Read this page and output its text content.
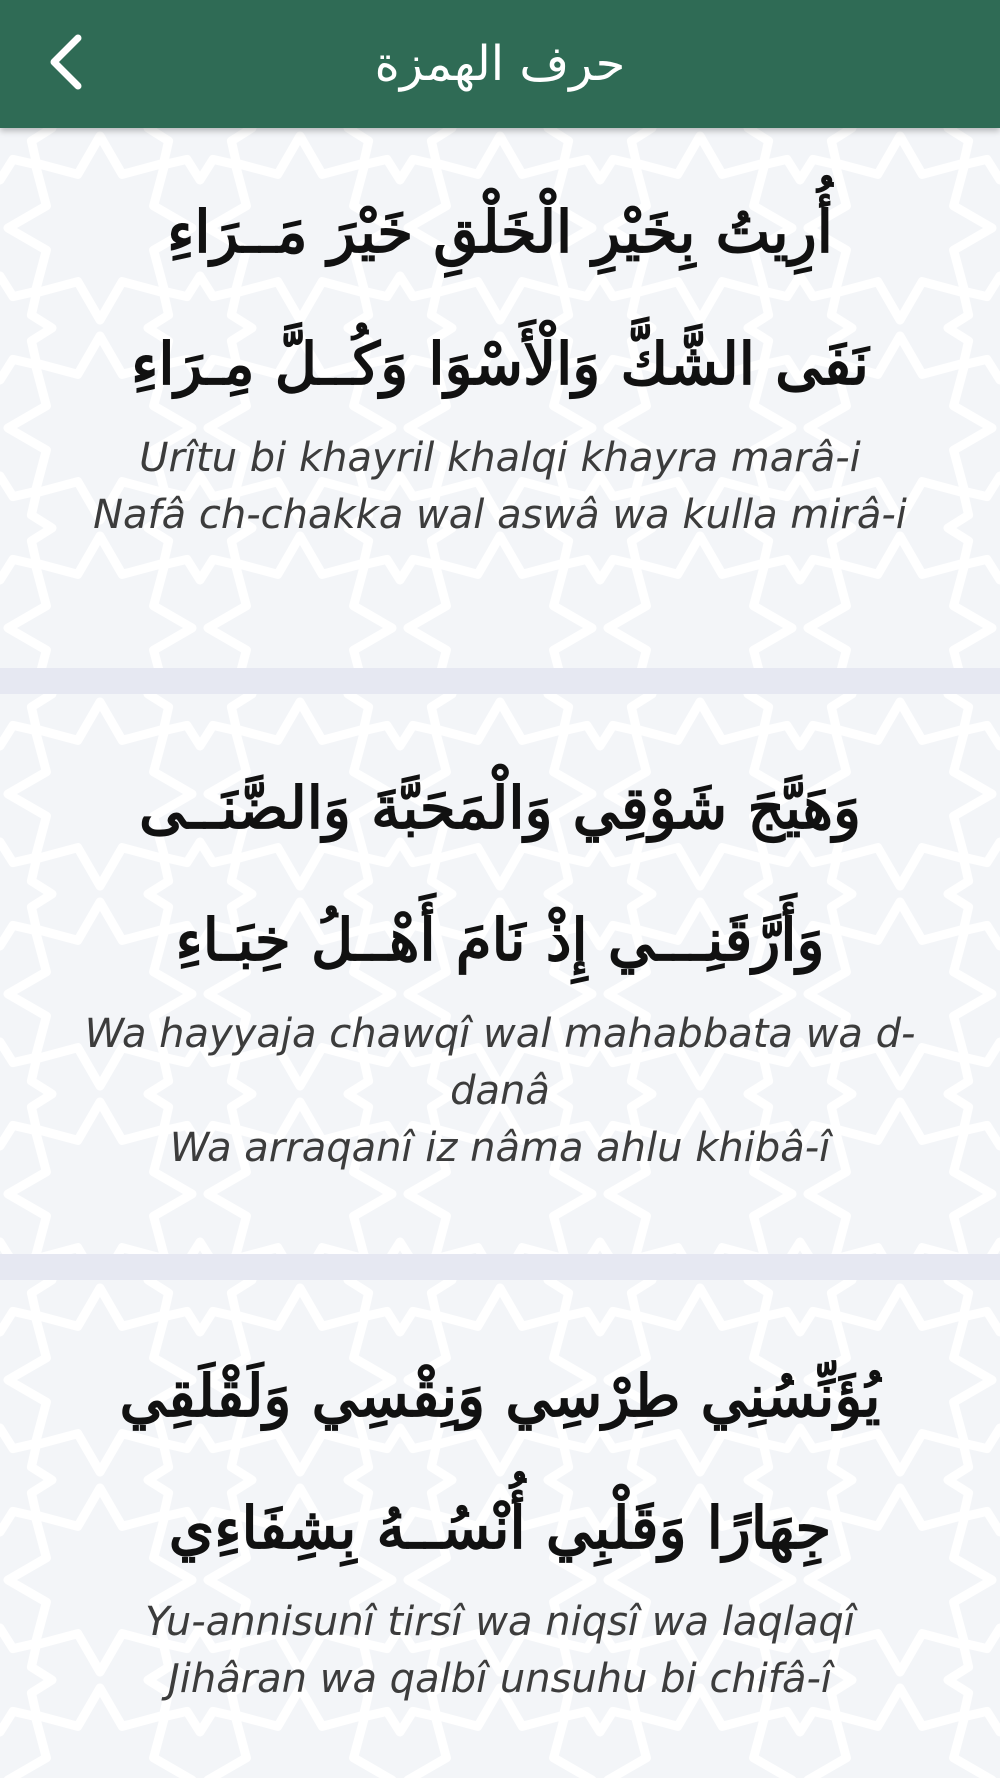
حرف الهمزة
أُرِيتُ بِخَيْرِ الْخَلْقِ خَيْرَ مَــرَاءِ
نَفَى الشَّكَّ وَالْأَسْوَا وَكُــلَّ مِـرَاءِ
Urîtu bi khayril khalqi khayra marâ-i
Nafâ ch-chakka wal aswâ wa kulla mirâ-i
وَهَيَّجَ شَوْقِي وَالْمَحَبَّةَ وَالضَّنَــى
وَأَرَّقَنِـــي إِذْ نَامَ أَهْــلُ خِبَـاءِ
Wa hayyaja chawqî wal mahabbata wa d-danâ
Wa arraqanî iz nâma ahlu khibâ-î
يُؤَنِّسُنِي طِرْسِي وَنِقْسِي وَلَقْلَقِي
جِهَارًا وَقَلْبِي أُنْسُــهُ بِشِفَاءِي
Yu-annisunî tirsî wa niqsî wa laqlaqî
Jihâran wa qalbî unsuhu bi chifâ-î
